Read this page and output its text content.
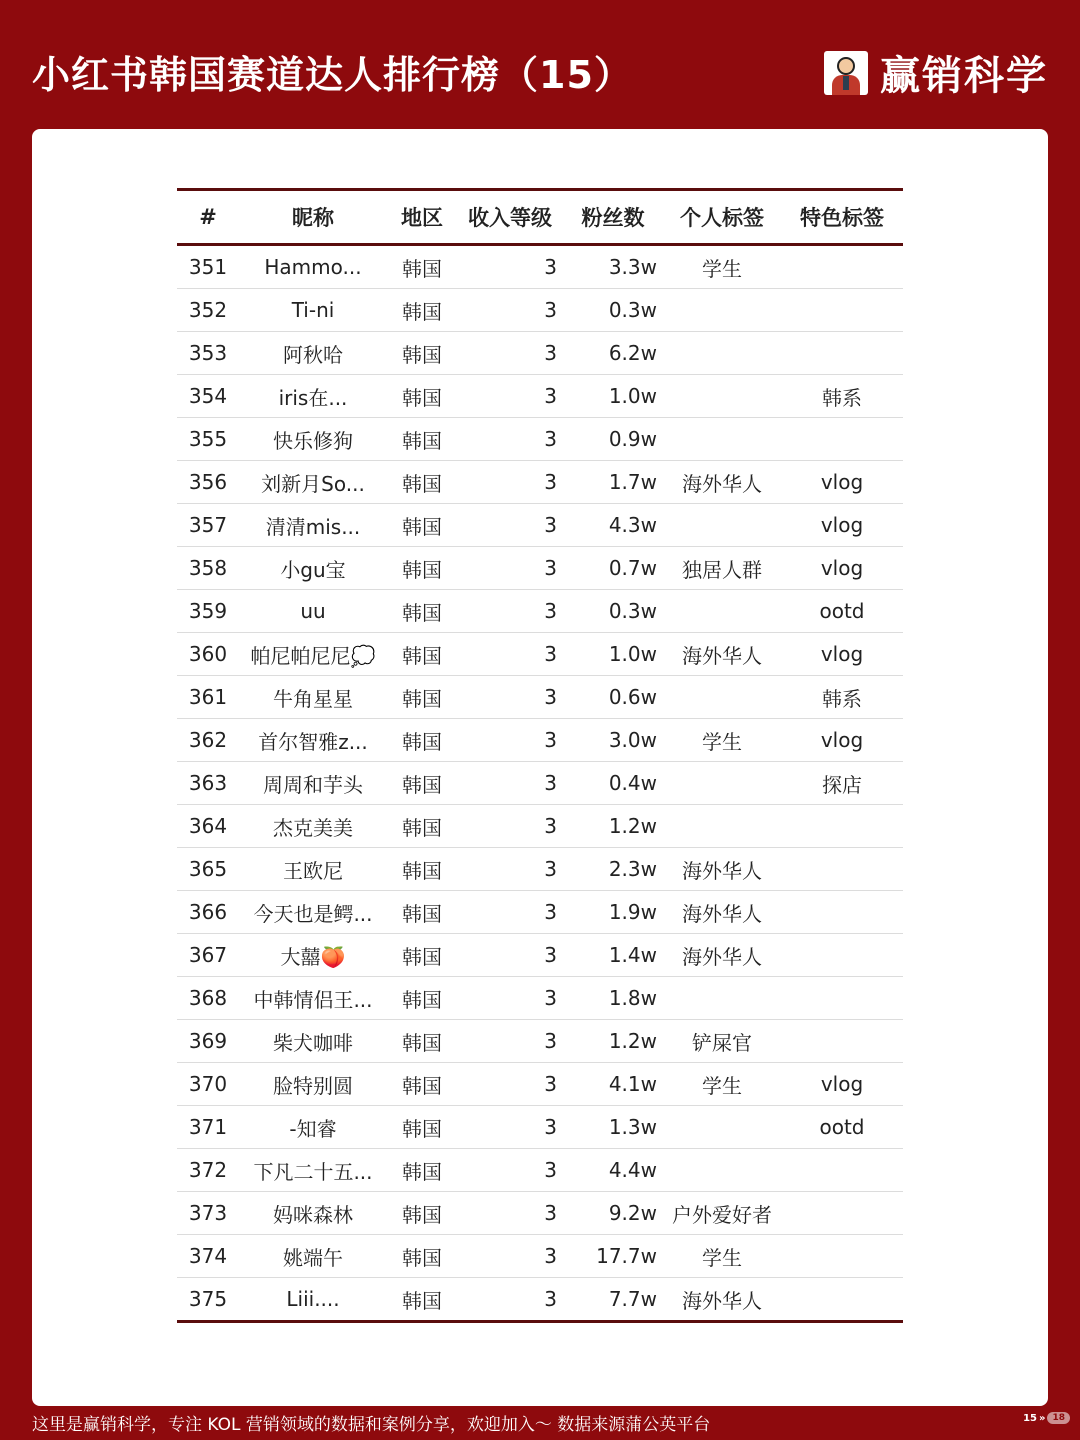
小红书韩国赛道达人排行榜（15）	赢销科学
#	昵称	地区	收入等级	粉丝数	个人标签	特色标签
351	Hammo...	韩国	3	3.3w	学生	
352	Ti-ni	韩国	3	0.3w		
353	阿秋哈	韩国	3	6.2w		
354	iris在...	韩国	3	1.0w		韩系
355	快乐修狗	韩国	3	0.9w		
356	刘新月So...	韩国	3	1.7w	海外华人	vlog
357	清清mis...	韩国	3	4.3w		vlog
358	小gu宝	韩国	3	0.7w	独居人群	vlog
359	uu	韩国	3	0.3w		ootd
360	帕尼帕尼尼💭	韩国	3	1.0w	海外华人	vlog
361	牛角星星	韩国	3	0.6w		韩系
362	首尔智雅z...	韩国	3	3.0w	学生	vlog
363	周周和芋头	韩国	3	0.4w		探店
364	杰克美美	韩国	3	1.2w		
365	王欧尼	韩国	3	2.3w	海外华人	
366	今天也是鳄...	韩国	3	1.9w	海外华人	
367	大囍🍑	韩国	3	1.4w	海外华人	
368	中韩情侣王...	韩国	3	1.8w		
369	柴犬咖啡	韩国	3	1.2w	铲屎官	
370	脸特别圆	韩国	3	4.1w	学生	vlog
371	-知睿	韩国	3	1.3w		ootd
372	下凡二十五...	韩国	3	4.4w		
373	妈咪森林	韩国	3	9.2w	户外爱好者	
374	姚端午	韩国	3	17.7w	学生	
375	Liii....	韩国	3	7.7w	海外华人	
这里是赢销科学，专注 KOL 营销领域的数据和案例分享，欢迎加入～ 数据来源蒲公英平台	15 » 18
